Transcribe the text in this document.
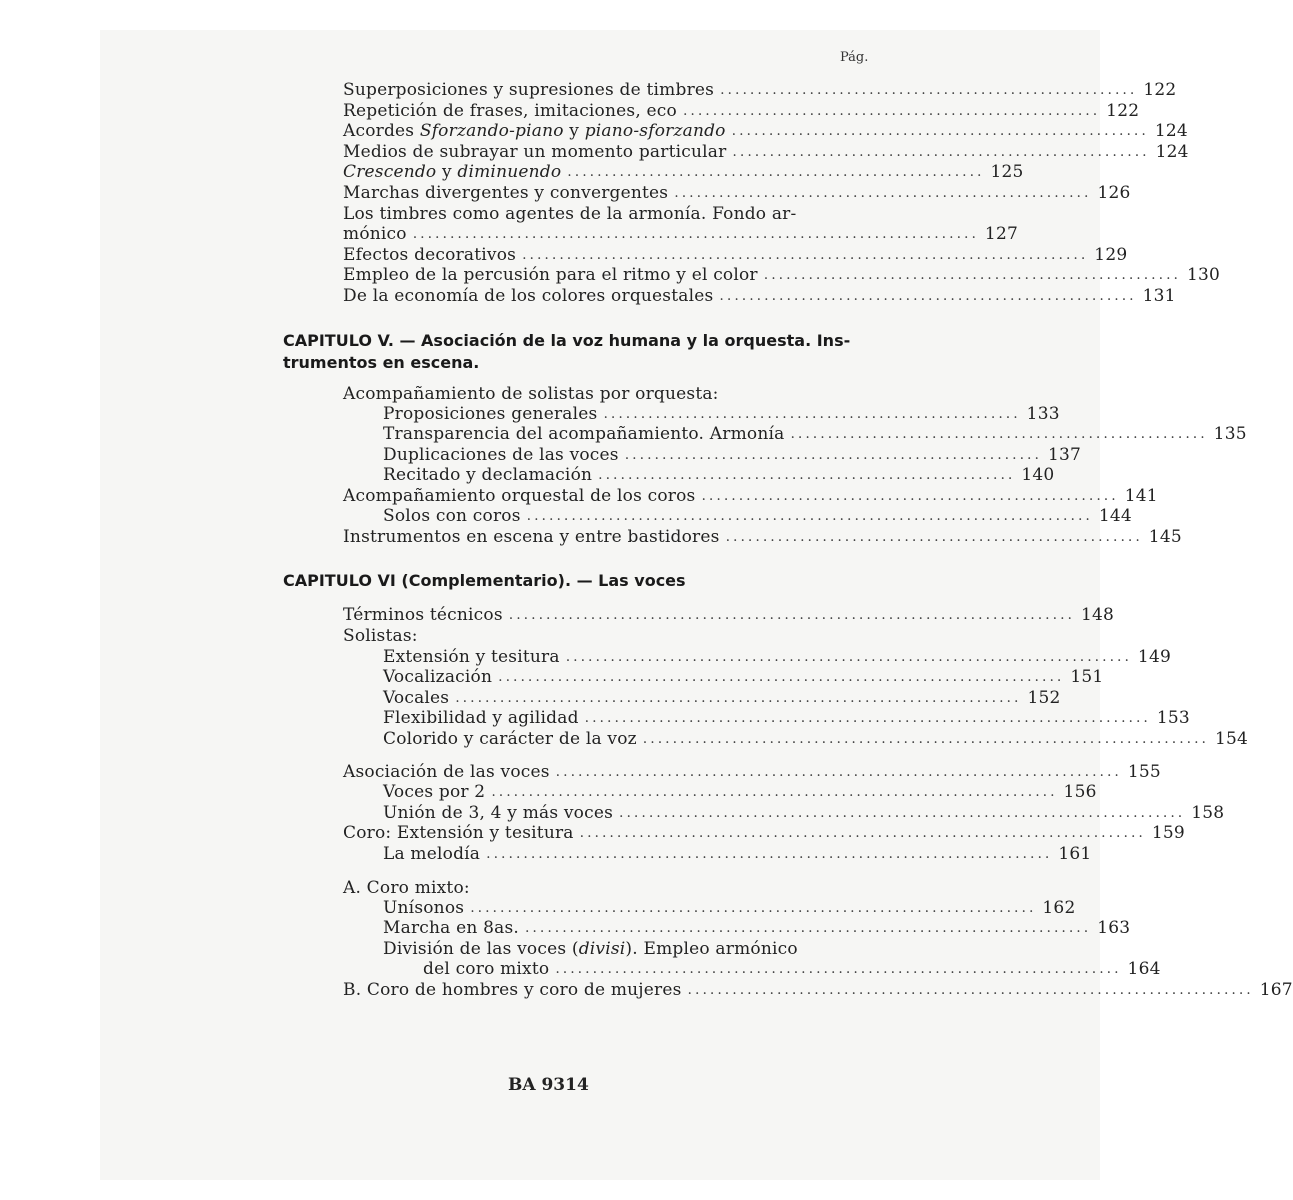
Pág.
Superposiciones y supresiones de timbres ........................................................ 122
Repetición de frases, imitaciones, eco ........................................................ 122
Acordes Sforzando-piano y piano-sforzando ........................................................ 124
Medios de subrayar un momento particular ........................................................ 124
Crescendo y diminuendo ........................................................ 125
Marchas divergentes y convergentes ........................................................ 126
Los timbres como agentes de la armonía. Fondo ar-
mónico ............................................................................ 127
Efectos decorativos ............................................................................ 129
Empleo de la percusión para el ritmo y el color ........................................................ 130
De la economía de los colores orquestales ........................................................ 131
CAPITULO V. — Asociación de la voz humana y la orquesta. Ins-
trumentos en escena.
Acompañamiento de solistas por orquesta:
Proposiciones generales ........................................................ 133
Transparencia del acompañamiento. Armonía ........................................................ 135
Duplicaciones de las voces ........................................................ 137
Recitado y declamación ........................................................ 140
Acompañamiento orquestal de los coros ........................................................ 141
Solos con coros ............................................................................ 144
Instrumentos en escena y entre bastidores ........................................................ 145
CAPITULO VI (Complementario). — Las voces
Términos técnicos ............................................................................ 148
Solistas:
Extensión y tesitura ............................................................................ 149
Vocalización ............................................................................ 151
Vocales ............................................................................ 152
Flexibilidad y agilidad ............................................................................ 153
Colorido y carácter de la voz ............................................................................ 154
Asociación de las voces ............................................................................ 155
Voces por 2 ............................................................................ 156
Unión de 3, 4 y más voces ............................................................................ 158
Coro: Extensión y tesitura ............................................................................ 159
La melodía ............................................................................ 161
A. Coro mixto:
Unísonos ............................................................................ 162
Marcha en 8as. ............................................................................ 163
División de las voces (divisi). Empleo armónico
del coro mixto ............................................................................ 164
B. Coro de hombres y coro de mujeres ............................................................................ 167
BA 9314
